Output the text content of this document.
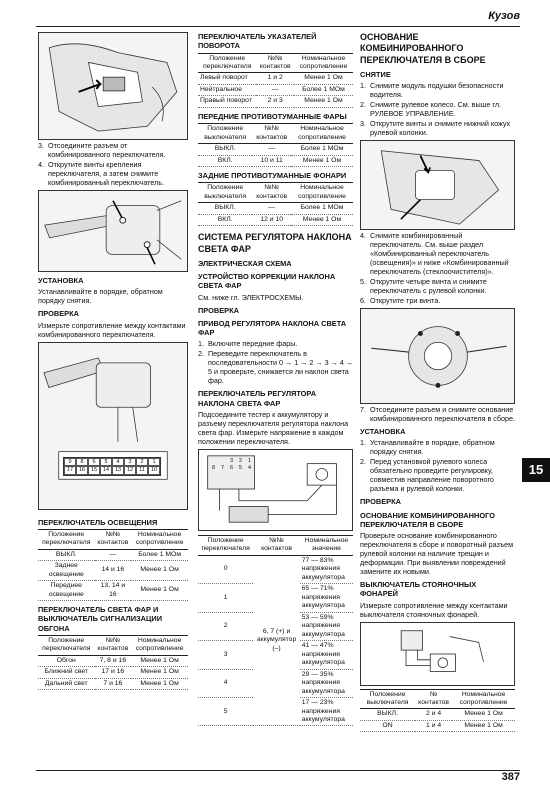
Кузов
3. Отсоедините разъем от комбинированного переключателя.
4. Открутите винты крепления переключателя, а затем снимите комбинированный переключатель.
УСТАНОВКА
Устанавливайте в порядке, обратном порядку снятия.
ПРОВЕРКА
Измерьте сопротивление между контактами комбинированного переключателя.
9	8	6	5	4	3	2	1
17	16	15	14	13	12	11	10
ПЕРЕКЛЮЧАТЕЛЬ ОСВЕЩЕНИЯ
Положение переключателя	№№ контактов	Номинальное сопротивление
ВЫКЛ.	—	Более 1 МОм
Заднее освещение	14 и 16	Менее 1 Ом
Переднее освещение	13, 14 и 16	Менее 1 Ом
ПЕРЕКЛЮЧАТЕЛЬ СВЕТА ФАР И ВЫКЛЮЧАТЕЛЬ СИГНАЛИЗАЦИИ ОБГОНА
Положение переключателя	№№ контактов	Номинальное сопротивление
Обгон	7, 8 и 16	Менее 1 Ом
Ближний свет	17 и 16	Менее 1 Ом
Дальний свет	7 и 16	Менее 1 Ом
ПЕРЕКЛЮЧАТЕЛЬ УКАЗАТЕЛЕЙ ПОВОРОТА
Положение переключателя	№№ контактов	Номинальное сопротивление
Левый поворот	1 и 2	Менее 1 Ом
Нейтральное	—	Более 1 МОм
Правый поворот	2 и 3	Менее 1 Ом
ПЕРЕДНИЕ ПРОТИВОТУМАННЫЕ ФАРЫ
Положение выключателя	№№ контактов	Номинальное сопротивление
ВЫКЛ.	—	Более 1 МОм
ВКЛ.	10 и 11	Менее 1 Ом
ЗАДНИЕ ПРОТИВОТУМАННЫЕ ФОНАРИ
Положение выключателя	№№ контактов	Номинальное сопротивление
ВЫКЛ.	—	Более 1 МОм
ВКЛ.	12 и 10	Менее 1 Ом
СИСТЕМА РЕГУЛЯТОРА НАКЛОНА СВЕТА ФАР
ЭЛЕКТРИЧЕСКАЯ СХЕМА
УСТРОЙСТВО КОРРЕКЦИИ НАКЛОНА СВЕТА ФАР
См. ниже гл. ЭЛЕКТРОСХЕМЫ.
ПРОВЕРКА
ПРИВОД РЕГУЛЯТОРА НАКЛОНА СВЕТА ФАР
1. Включите передние фары.
2. Переведите переключатель в последовательности 0 → 1 → 2 → 3 → 4 → 5 и проверьте, снижается ли наклон света фар.
ПЕРЕКЛЮЧАТЕЛЬ РЕГУЛЯТОРА НАКЛОНА СВЕТА ФАР
Подсоедините тестер к аккумулятору и разъему переключателя регулятора наклона света фар. Измерьте напряжение в каждом положении переключателя.
3	2	1
8	7	6	5	4
Положение переключателя	№№ контактов	Номинальное значение
0	6, 7 (+) и аккумулятор (–)	77 — 83% напряжения аккумулятора
1		65 — 71% напряжения аккумулятора
2		53 — 59% напряжения аккумулятора
3		41 — 47% напряжения аккумулятора
4		29 — 35% напряжения аккумулятора
5		17 — 23% напряжения аккумулятора
ОСНОВАНИЕ КОМБИНИРОВАННОГО ПЕРЕКЛЮЧАТЕЛЯ В СБОРЕ
СНЯТИЕ
1. Снимите модуль подушки безопасности водителя.
2. Снимите рулевое колесо. См. выше гл. РУЛЕВОЕ УПРАВЛЕНИЕ.
3. Открутите винты и снимите нижний кожух рулевой колонки.
4. Снимите комбинированный переключатель. См. выше раздел «Комбинированный переключатель (освещения)» и ниже «Комбинированный переключатель (стеклоочистителя)».
5. Открутите четыре винта и снимите переключатель с рулевой колонки.
6. Открутите три винта.
7. Отсоедините разъем и снимите основание комбинированного переключателя в сборе.
УСТАНОВКА
1. Устанавливайте в порядке, обратном порядку снятия.
2. Перед установкой рулевого колеса обязательно проведите регулировку, совместив направление поворотного разъема и рулевой колонки.
ПРОВЕРКА
ОСНОВАНИЕ КОМБИНИРОВАННОГО ПЕРЕКЛЮЧАТЕЛЯ В СБОРЕ
Проверьте основание комбинированного переключателя в сборе и поворотный разъем рулевой колонки на наличие трещин и деформации. При выявлении повреждений замените их новыми.
ВЫКЛЮЧАТЕЛЬ СТОЯНОЧНЫХ ФОНАРЕЙ
Измерьте сопротивление между контактами выключателя стояночных фонарей.
Положение выключателя	№ контактов	Номинальное сопротивление
ВЫКЛ.	2 и 4	Менее 1 Ом
ON	1 и 4	Менее 1 Ом
15
387
